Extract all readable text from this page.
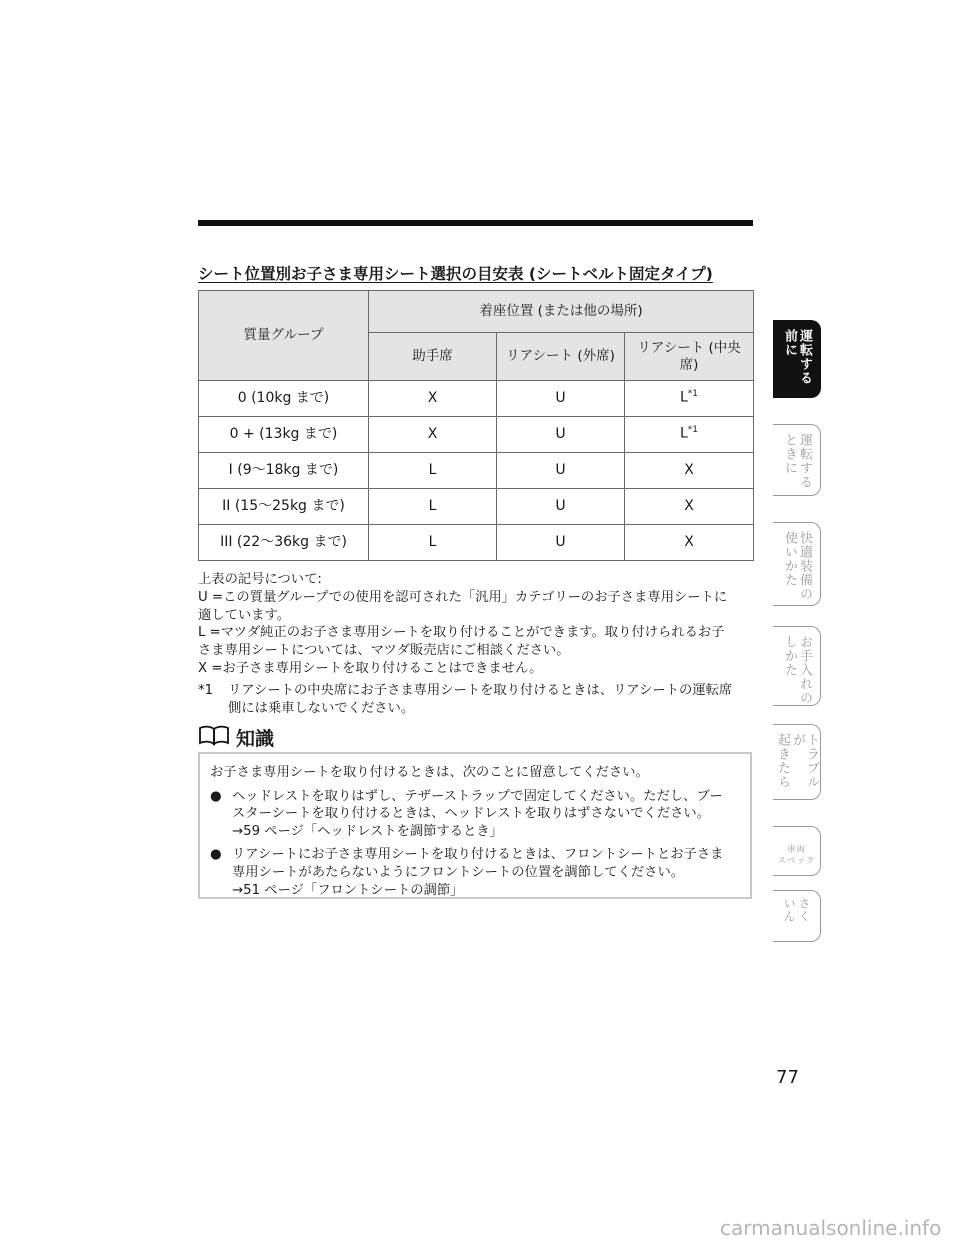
シート位置別お子さま専用シート選択の目安表 (シートベルト固定タイプ)
質量グループ	着座位置 (または他の場所)		
	助手席	リアシート (外席)	リアシート (中央席)
0 (10kg まで)	X	U	$L^{*1}$
0 + (13kg まで)	X	U	$L^{*1}$
I (9〜18kg まで)	L	U	X
II (15〜25kg まで)	L	U	X
III (22〜36kg まで)	L	U	X

上表の記号について:

U =この質量グループでの使用を認可された「汎用」カテゴリーのお子さま専用シートに

適しています。

L =マツダ純正のお子さま専用シートを取り付けることができます。取り付けられるお子

さま専用シートについては、マツダ販売店にご相談ください。

X =お子さま専用シートを取り付けることはできません。

*1	リアシートの中央席にお子さま専用シートを取り付けるときは、リアシートの運転席

側には乗車しないでください。

知識

お子さま専用シートを取り付けるときは、次のことに留意してください。

● ヘッドレストを取りはずし、テザーストラップで固定してください。ただし、ブー

スターシートを取り付けるときは、ヘッドレストを取りはずさないでください。

→59 ページ「ヘッドレストを調節するとき」

● リアシートにお子さま専用シートを取り付けるときは、フロントシートとお子さま

専用シートがあたらないようにフロントシートの位置を調節してください。

→51 ページ「フロントシートの調節」

運転する
前に
運転する
ときに
快適装備の
使いかた
お手入れの
しかた
トラブルが
起きたら
車両
スペック
さく
いん
77
carmanualsonline.info
